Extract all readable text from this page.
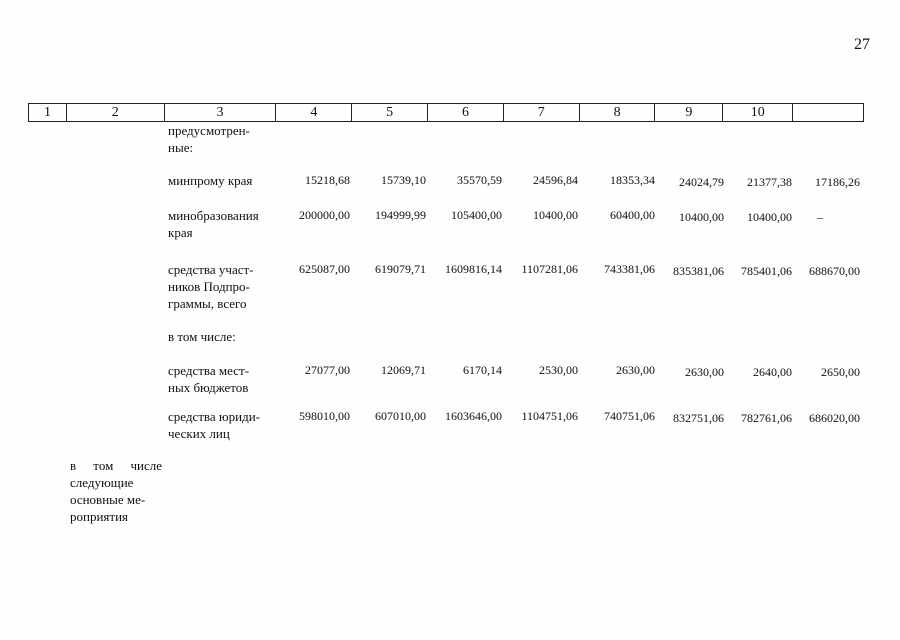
27
1	2	3	4	5	6	7	8	9	10
предусмотрен-
ные:
минпрому края	15218,68	15739,10	35570,59	24596,84	18353,34	24024,79	21377,38	17186,26
минобразования края
200000,00	194999,99	105400,00	10400,00	60400,00	10400,00	10400,00	–
средства участ-
ников Подпро-
граммы, всего
625087,00	619079,71	1609816,14	1107281,06	743381,06	835381,06	785401,06	688670,00
в том числе:
средства мест-
ных бюджетов
27077,00	12069,71	6170,14	2530,00	2630,00	2630,00	2640,00	2650,00
средства юриди-
ческих лиц
598010,00	607010,00	1603646,00	1104751,06	740751,06	832751,06	782761,06	686020,00
в том числе следующие основные ме-
роприятия
